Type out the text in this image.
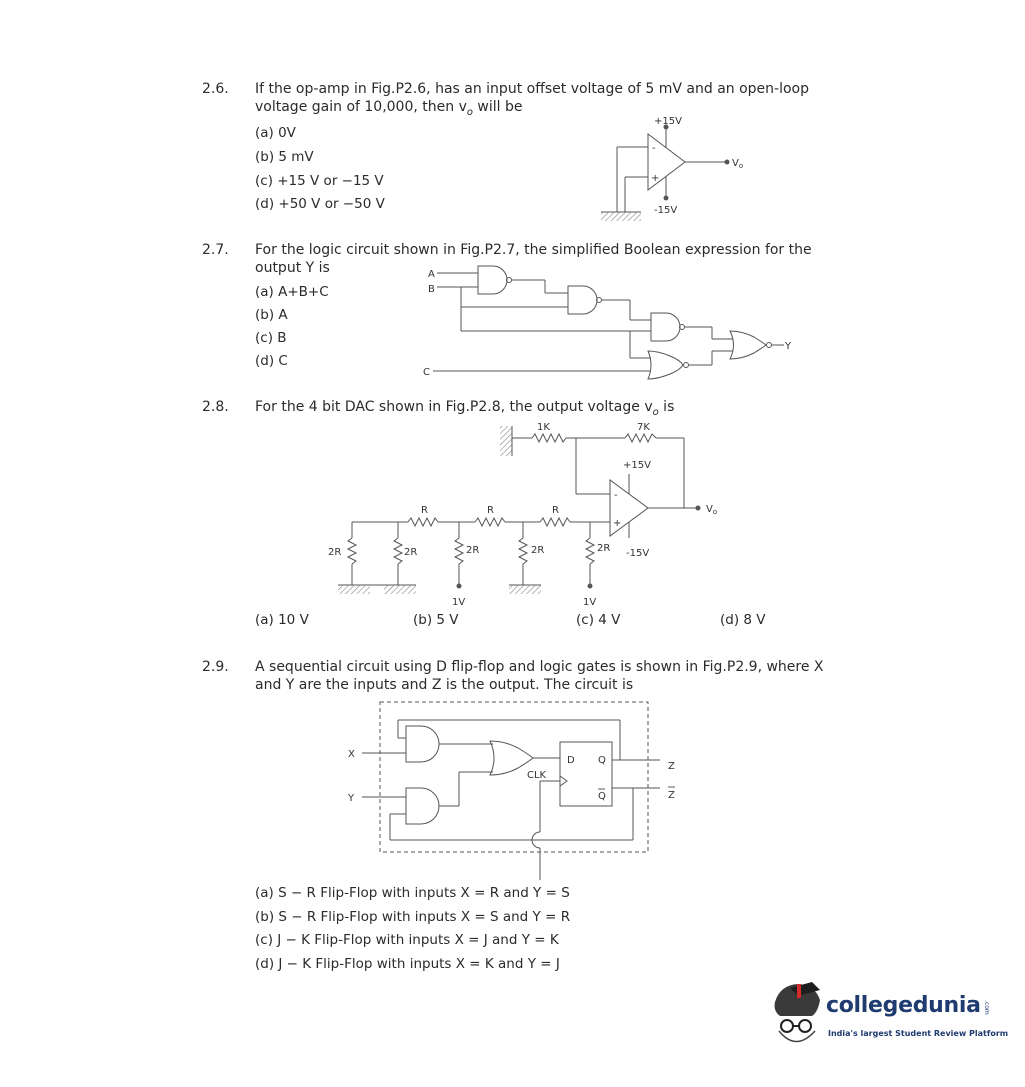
2.6. If the op-amp in Fig.P2.6, has an input offset voltage of 5 mV and an open-loop
voltage gain of 10,000, then $v_o$ will be
(a) 0V
(b) 5 mV
(c) +15 V or −15 V
(d) +50 V or −50 V
2.7. For the logic circuit shown in Fig.P2.7, the simplified Boolean expression for the
output Y is
(a) A+B+C
(b) A
(c) B
(d) C
2.8. For the 4 bit DAC shown in Fig.P2.8, the output voltage $v_o$ is
(a) 10 V	(b) 5 V	(c) 4 V	(d) 8 V
2.9. A sequential circuit using D flip-flop and logic gates is shown in Fig.P2.9, where X
and Y are the inputs and Z is the output. The circuit is
(a) S − R Flip-Flop with inputs X = R and Y = S
(b) S − R Flip-Flop with inputs X = S and Y = R
(c) J − K Flip-Flop with inputs X = J and Y = K
(d) J − K Flip-Flop with inputs X = K and Y = J
+15V
-15V
-
+
$V_o$
A
B
C
Y
1K	7K
+15V
-15V
-
+
$V_o$
R	R	R
2R	2R	2R	2R	2R
1V	1V
X
Y
D Q
Q
CLK
Z
Z
collegedunia .com
India's largest Student Review Platform
